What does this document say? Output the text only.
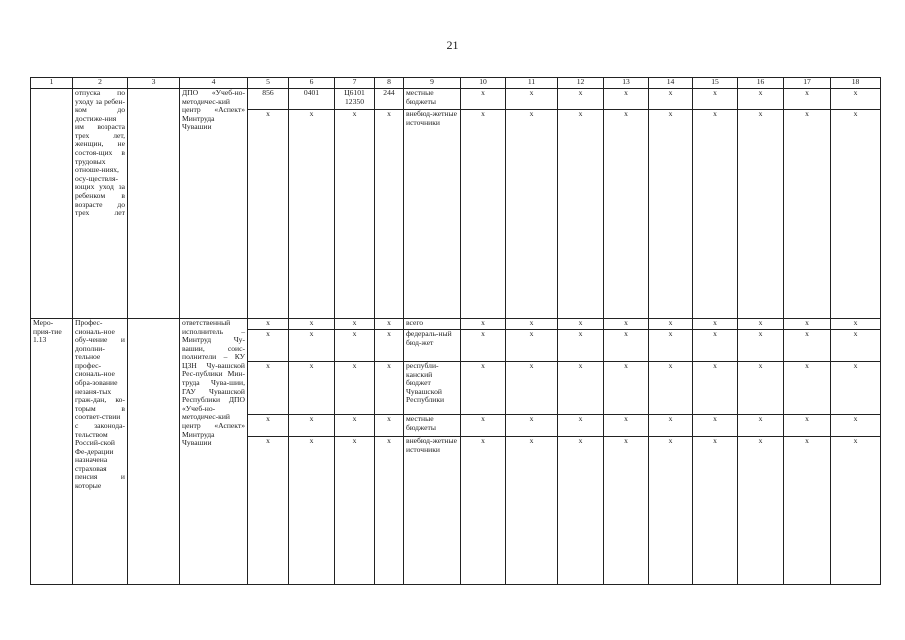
21
1	2	3	4	5	6	7	8	9	10	11	12	13	14	15	16	17	18
	отпуска по уходу за ребен-ком до достиже-ния им возраста трех лет, женщин, не состоя-щих в трудовых отноше-ниях, осу-ществля-ющих уход за ребенком в возрасте до трех лет		ДПО «Учеб-но-методичес-кий центр «Аспект» Минтруда Чувашии	856	0401	Ц6101 12350	244	местные бюджеты	x	x	x	x	x	x	x	x	x
				x	x	x	x	внебюд-жетные источники	x	x	x	x	x	x	x	x	x
Меро-прия-тие 1.13	Профес-сиональ-ное обу-чение и дополни-тельное профес-сиональ-ное обра-зование незаня-тых граж-дан, ко-торым в соответ-ствии с законода-тельством Россий-ской Фе-дерации назначена страховая пенсия и которые		ответственный исполнитель – Минтруд Чу-вашии, соис-полнители – КУ ЦЗН Чу-вашской Рес-публики Мин-труда Чува-шии, ГАУ Чувашской Республики ДПО «Учеб-но-методичес-кий центр «Аспект» Минтруда Чувашии	x	x	x	x	всего	x	x	x	x	x	x	x	x	x
				x	x	x	x	федераль-ный бюд-жет	x	x	x	x	x	x	x	x	x
				x	x	x	x	республи-канский бюджет Чувашской Республики	x	x	x	x	x	x	x	x	x
				x	x	x	x	местные бюджеты	x	x	x	x	x	x	x	x	x
				x	x	x	x	внебюд-жетные источники	x	x	x	x	x	x	x	x	x
